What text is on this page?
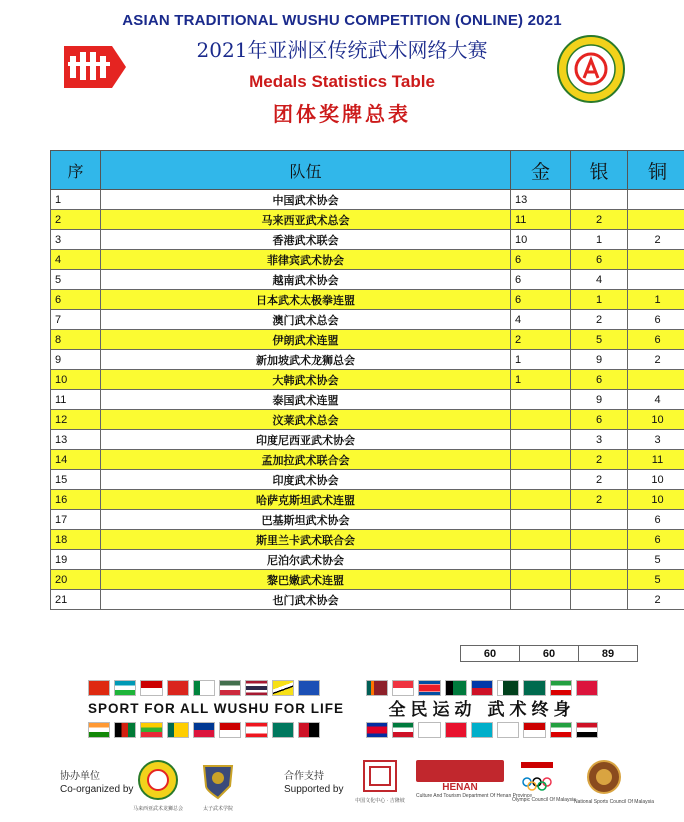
ASIAN TRADITIONAL WUSHU COMPETITION (ONLINE) 2021
2021年亚洲区传统武术网络大赛
Medals Statistics Table
团体奖牌总表
序	队伍	金	银	铜
1	中国武术协会	13		
2	马来西亚武术总会	11	2	
3	香港武术联会	10	1	2
4	菲律宾武术协会	6	6	
5	越南武术协会	6	4	
6	日本武术太极拳连盟	6	1	1
7	澳门武术总会	4	2	6
8	伊朗武术连盟	2	5	6
9	新加坡武术龙狮总会	1	9	2
10	大韩武术协会	1	6	
11	泰国武术连盟		9	4
12	汶莱武术总会		6	10
13	印度尼西亚武术协会		3	3
14	孟加拉武术联合会		2	11
15	印度武术协会		2	10
16	哈萨克斯坦武术连盟		2	10
17	巴基斯坦武术协会			6
18	斯里兰卡武术联合会			6
19	尼泊尔武术协会			5
20	黎巴嫩武术连盟			5
21	也门武术协会			2
60	60	89
SPORT FOR ALL WUSHU FOR LIFE	全民运动 武术终身
协办单位
Co-organized by
马来西亚武术龙狮总会	太子武术学院
合作支持
Supported by
中国文化中心 · 吉隆坡
HENAN
Culture And Tourism Department Of Henan Province
Olympic Council Of Malaysia
National Sports Council Of Malaysia
